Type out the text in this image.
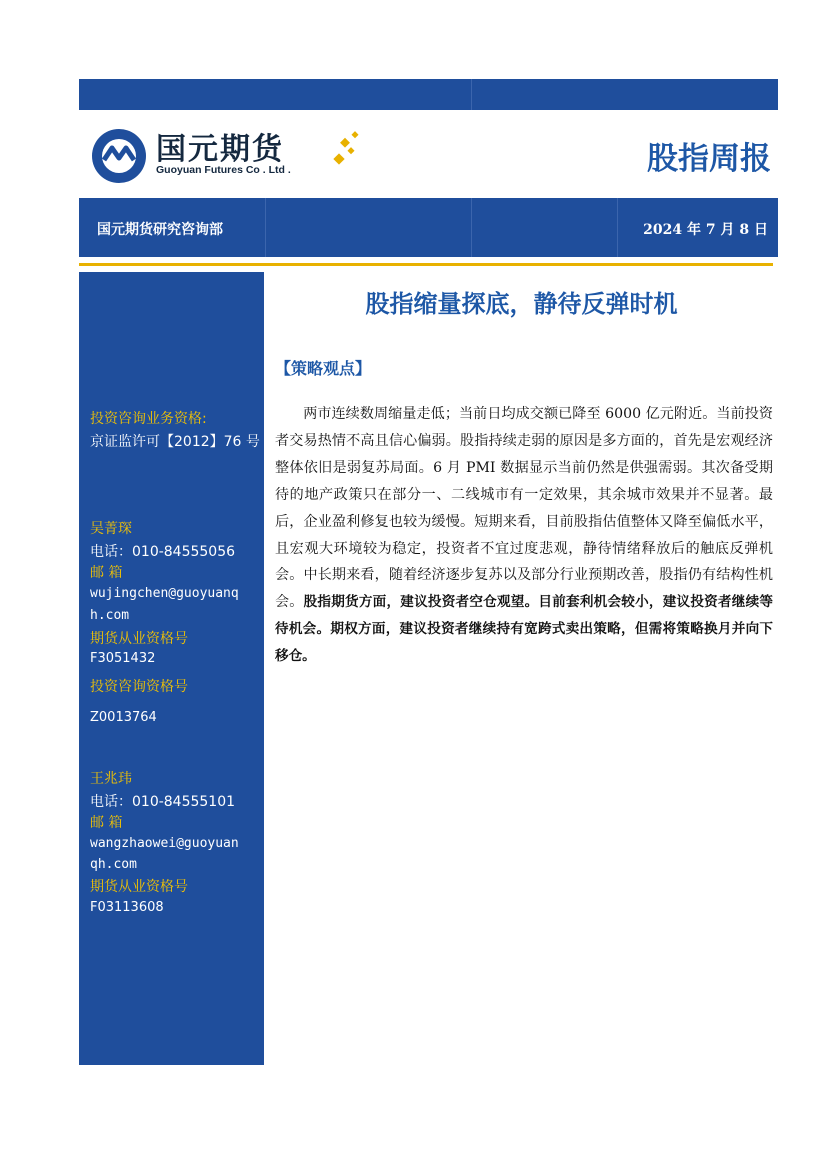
国元期货
Guoyuan Futures Co . Ltd .	股指周报
国元期货研究咨询部	2024 年 7 月 8 日
投资咨询业务资格:
京证监许可【2012】76 号
吴菁琛
电话：010-84555056
邮 箱
wujingchen@guoyuanq
h.com
期货从业资格号
F3051432
投资咨询资格号
Z0013764
王兆玮
电话：010-84555101
邮 箱
wangzhaowei@guoyuan
qh.com
期货从业资格号
F03113608
股指缩量探底，静待反弹时机
【策略观点】

两市连续数周缩量走低；当前日均成交额已降至 6000 亿元附近。当前投资者交易热情不高且信心偏弱。股指持续走弱的原因是多方面的，首先是宏观经济整体依旧是弱复苏局面。6 月 PMI 数据显示当前仍然是供强需弱。其次备受期待的地产政策只在部分一、二线城市有一定效果，其余城市效果并不显著。最后，企业盈利修复也较为缓慢。短期来看，目前股指估值整体又降至偏低水平，且宏观大环境较为稳定，投资者不宜过度悲观，静待情绪释放后的触底反弹机会。中长期来看，随着经济逐步复苏以及部分行业预期改善，股指仍有结构性机会。股指期货方面，建议投资者空仓观望。目前套利机会较小，建议投资者继续等待机会。期权方面，建议投资者继续持有宽跨式卖出策略，但需将策略换月并向下移仓。
